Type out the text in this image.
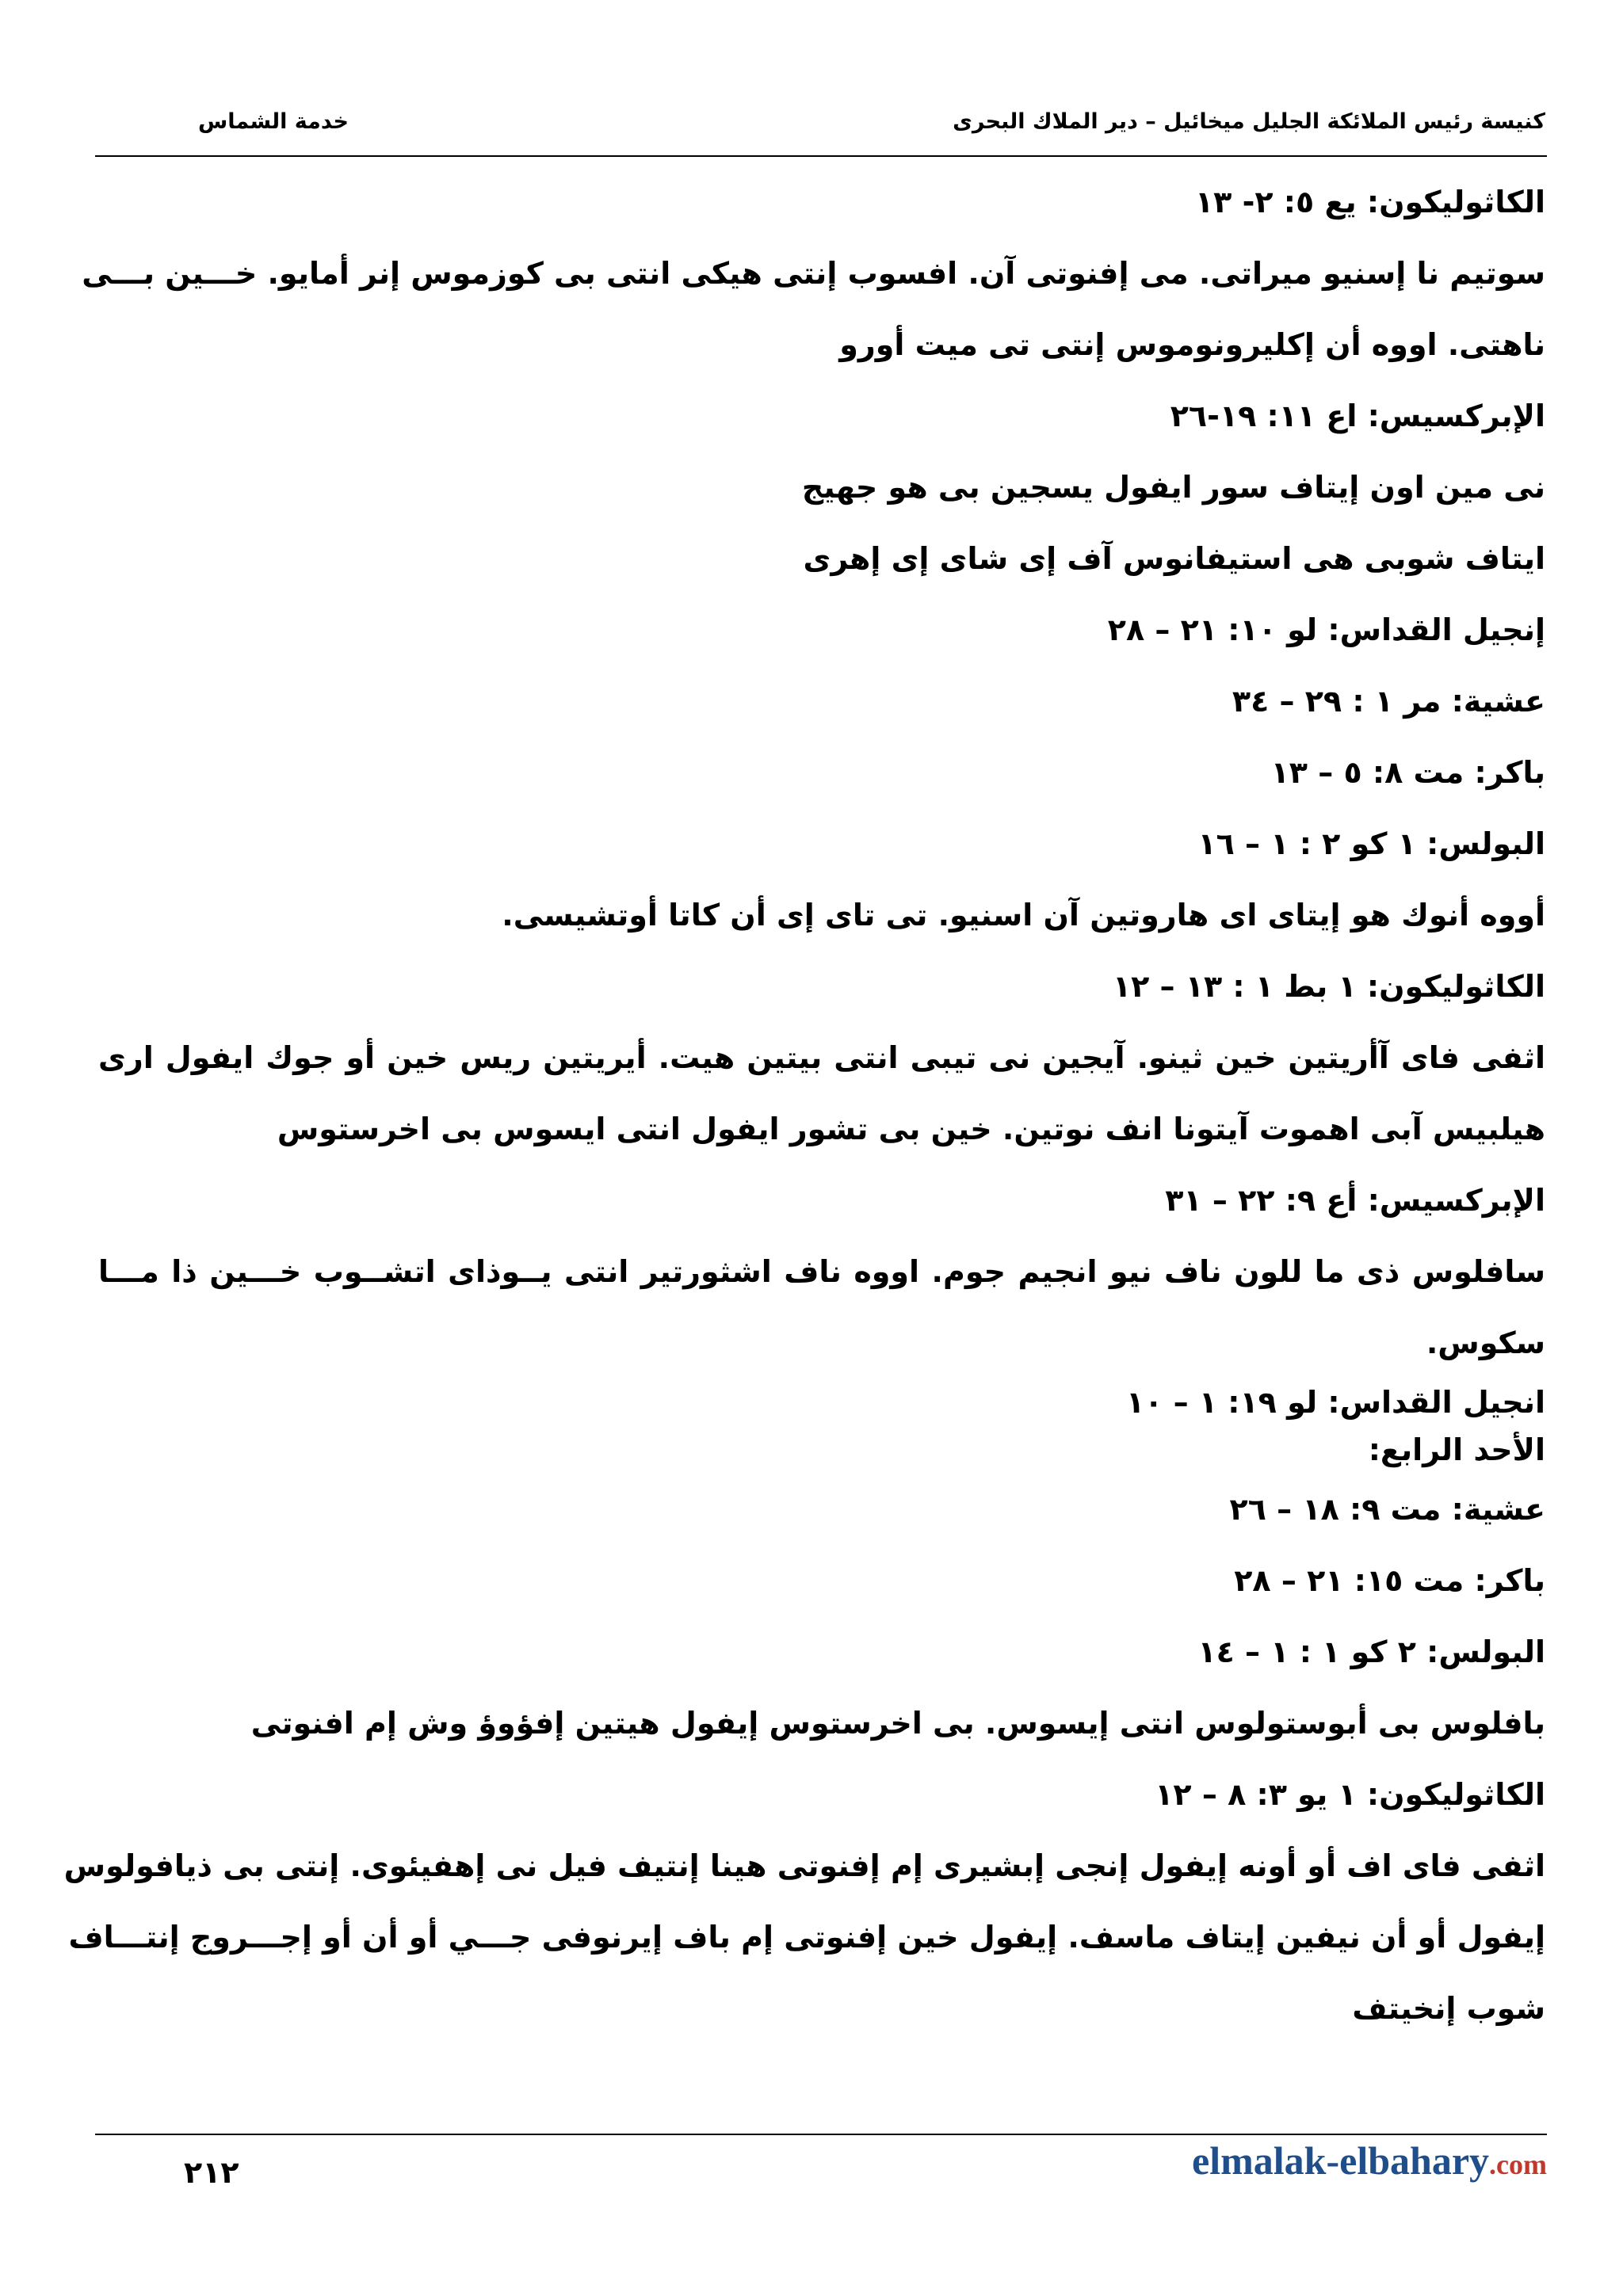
كنيسة رئيس الملائكة الجليل ميخائيل – دير الملاك البحرى
خدمة الشماس
الكاثوليكون: يع ٥: ٢- ١٣
سوتيم نا إسنيو ميراتى. مى إفنوتى آن. افسوب إنتى هيكى انتى بى كوزموس إنر أمايو. خـــين بـــى
ناهتى. اووه أن إكليرونوموس إنتى تى ميت أورو
الإبركسيس: اع ١١: ١٩-٢٦
نى مين اون إيتاف سور ايفول يسجين بى هو جهيج
ايتاف شوبى هى استيفانوس آف إى شاى إى إهرى
إنجيل القداس: لو ١٠: ٢١ – ٢٨
عشية: مر ١ : ٢٩ – ٣٤
باكر: مت ٨: ٥ – ١٣
البولس: ١ كو ٢ : ١ – ١٦
أووه أنوك هو إيتاى اى هاروتين آن اسنيو. تى تاى إى أن كاتا أوتشيسى.
الكاثوليكون: ١ بط ١ : ١٣ – ١٢
اثفى فاى آأريتين خين ثينو. آيجين نى تيبى انتى بيتين هيت. أيريتين ريس خين أو جوك ايفول ارى
هيلبيس آبى اهموت آيتونا انف نوتين. خين بى تشور ايفول انتى ايسوس بى اخرستوس
الإبركسيس: أع ٩: ٢٢ – ٣١
سافلوس ذى ما للون ناف نيو انجيم جوم. اووه ناف اشثورتير انتى يــوذاى اتشــوب خـــين ذا مـــا
سكوس.
انجيل القداس: لو ١٩: ١ – ١٠
الأحد الرابع:
عشية: مت ٩: ١٨ – ٢٦
باكر: مت ١٥: ٢١ – ٢٨
البولس: ٢ كو ١ : ١ – ١٤
بافلوس بى أبوستولوس انتى إيسوس. بى اخرستوس إيفول هيتين إفؤوؤ وش إم افنوتى
الكاثوليكون: ١ يو ٣: ٨ – ١٢
اثفى فاى اف أو أونه إيفول إنجى إبشيرى إم إفنوتى هينا إنتيف فيل نى إهفيئوى. إنتى بى ذيافولوس
إيفول أو أن نيفين إيتاف ماسف. إيفول خين إفنوتى إم باف إيرنوفى جـــي أو أن أو إجـــروج إنتـــاف
شوب إنخيتف
٢١٢	elmalak-elbahary.com
